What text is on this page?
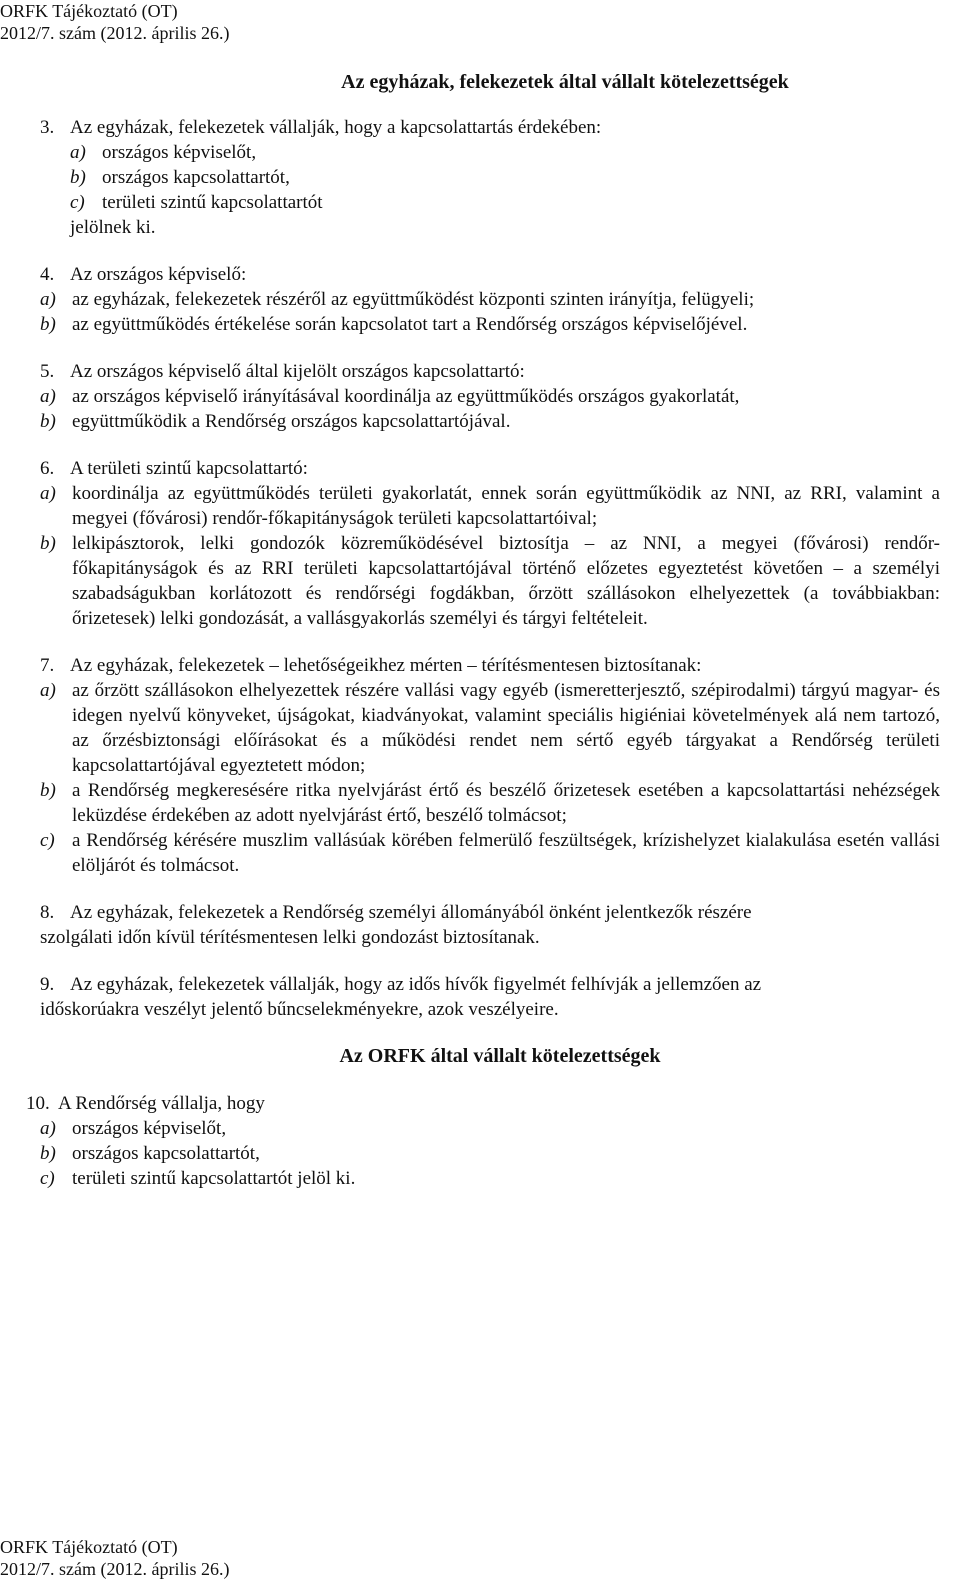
ORFK Tájékoztató (OT)
2012/7. szám (2012. április 26.)
Az egyházak, felekezetek által vállalt kötelezettségek
3. Az egyházak, felekezetek vállalják, hogy a kapcsolattartás érdekében:
a) országos képviselőt,
b) országos kapcsolattartót,
c) területi szintű kapcsolattartót
jelölnek ki.
4. Az országos képviselő:
a) az egyházak, felekezetek részéről az együttműködést központi szinten irányítja, felügyeli;
b) az együttműködés értékelése során kapcsolatot tart a Rendőrség országos képviselőjével.
5. Az országos képviselő által kijelölt országos kapcsolattartó:
a) az országos képviselő irányításával koordinálja az együttműködés országos gyakorlatát,
b) együttműködik a Rendőrség országos kapcsolattartójával.
6. A területi szintű kapcsolattartó:
a) koordinálja az együttműködés területi gyakorlatát, ennek során együttműködik az NNI, az RRI, valamint a megyei (fővárosi) rendőr-főkapitányságok területi kapcsolattartóival;
b) lelkipásztorok, lelki gondozók közreműködésével biztosítja – az NNI, a megyei (fővárosi) rendőr-főkapitányságok és az RRI területi kapcsolattartójával történő előzetes egyeztetést követően – a személyi szabadságukban korlátozott és rendőrségi fogdákban, őrzött szállásokon elhelyezettek (a továbbiakban: őrizetesek) lelki gondozását, a vallásgyakorlás személyi és tárgyi feltételeit.
7. Az egyházak, felekezetek – lehetőségeikhez mérten – térítésmentesen biztosítanak:
a) az őrzött szállásokon elhelyezettek részére vallási vagy egyéb (ismeretterjesztő, szépirodalmi) tárgyú magyar- és idegen nyelvű könyveket, újságokat, kiadványokat, valamint speciális higiéniai követelmények alá nem tartozó, az őrzésbiztonsági előírásokat és a működési rendet nem sértő egyéb tárgyakat a Rendőrség területi kapcsolattartójával egyeztetett módon;
b) a Rendőrség megkeresésére ritka nyelvjárást értő és beszélő őrizetesek esetében a kapcsolattartási nehézségek leküzdése érdekében az adott nyelvjárást értő, beszélő tolmácsot;
c) a Rendőrség kérésére muszlim vallásúak körében felmerülő feszültségek, krízishelyzet kialakulása esetén vallási elöljárót és tolmácsot.
8. Az egyházak, felekezetek a Rendőrség személyi állományából önként jelentkezők részére
szolgálati időn kívül térítésmentesen lelki gondozást biztosítanak.
9. Az egyházak, felekezetek vállalják, hogy az idős hívők figyelmét felhívják a jellemzően az
időskorúakra veszélyt jelentő bűncselekményekre, azok veszélyeire.
Az ORFK által vállalt kötelezettségek
10. A Rendőrség vállalja, hogy
a) országos képviselőt,
b) országos kapcsolattartót,
c) területi szintű kapcsolattartót jelöl ki.
ORFK Tájékoztató (OT)
2012/7. szám (2012. április 26.)
